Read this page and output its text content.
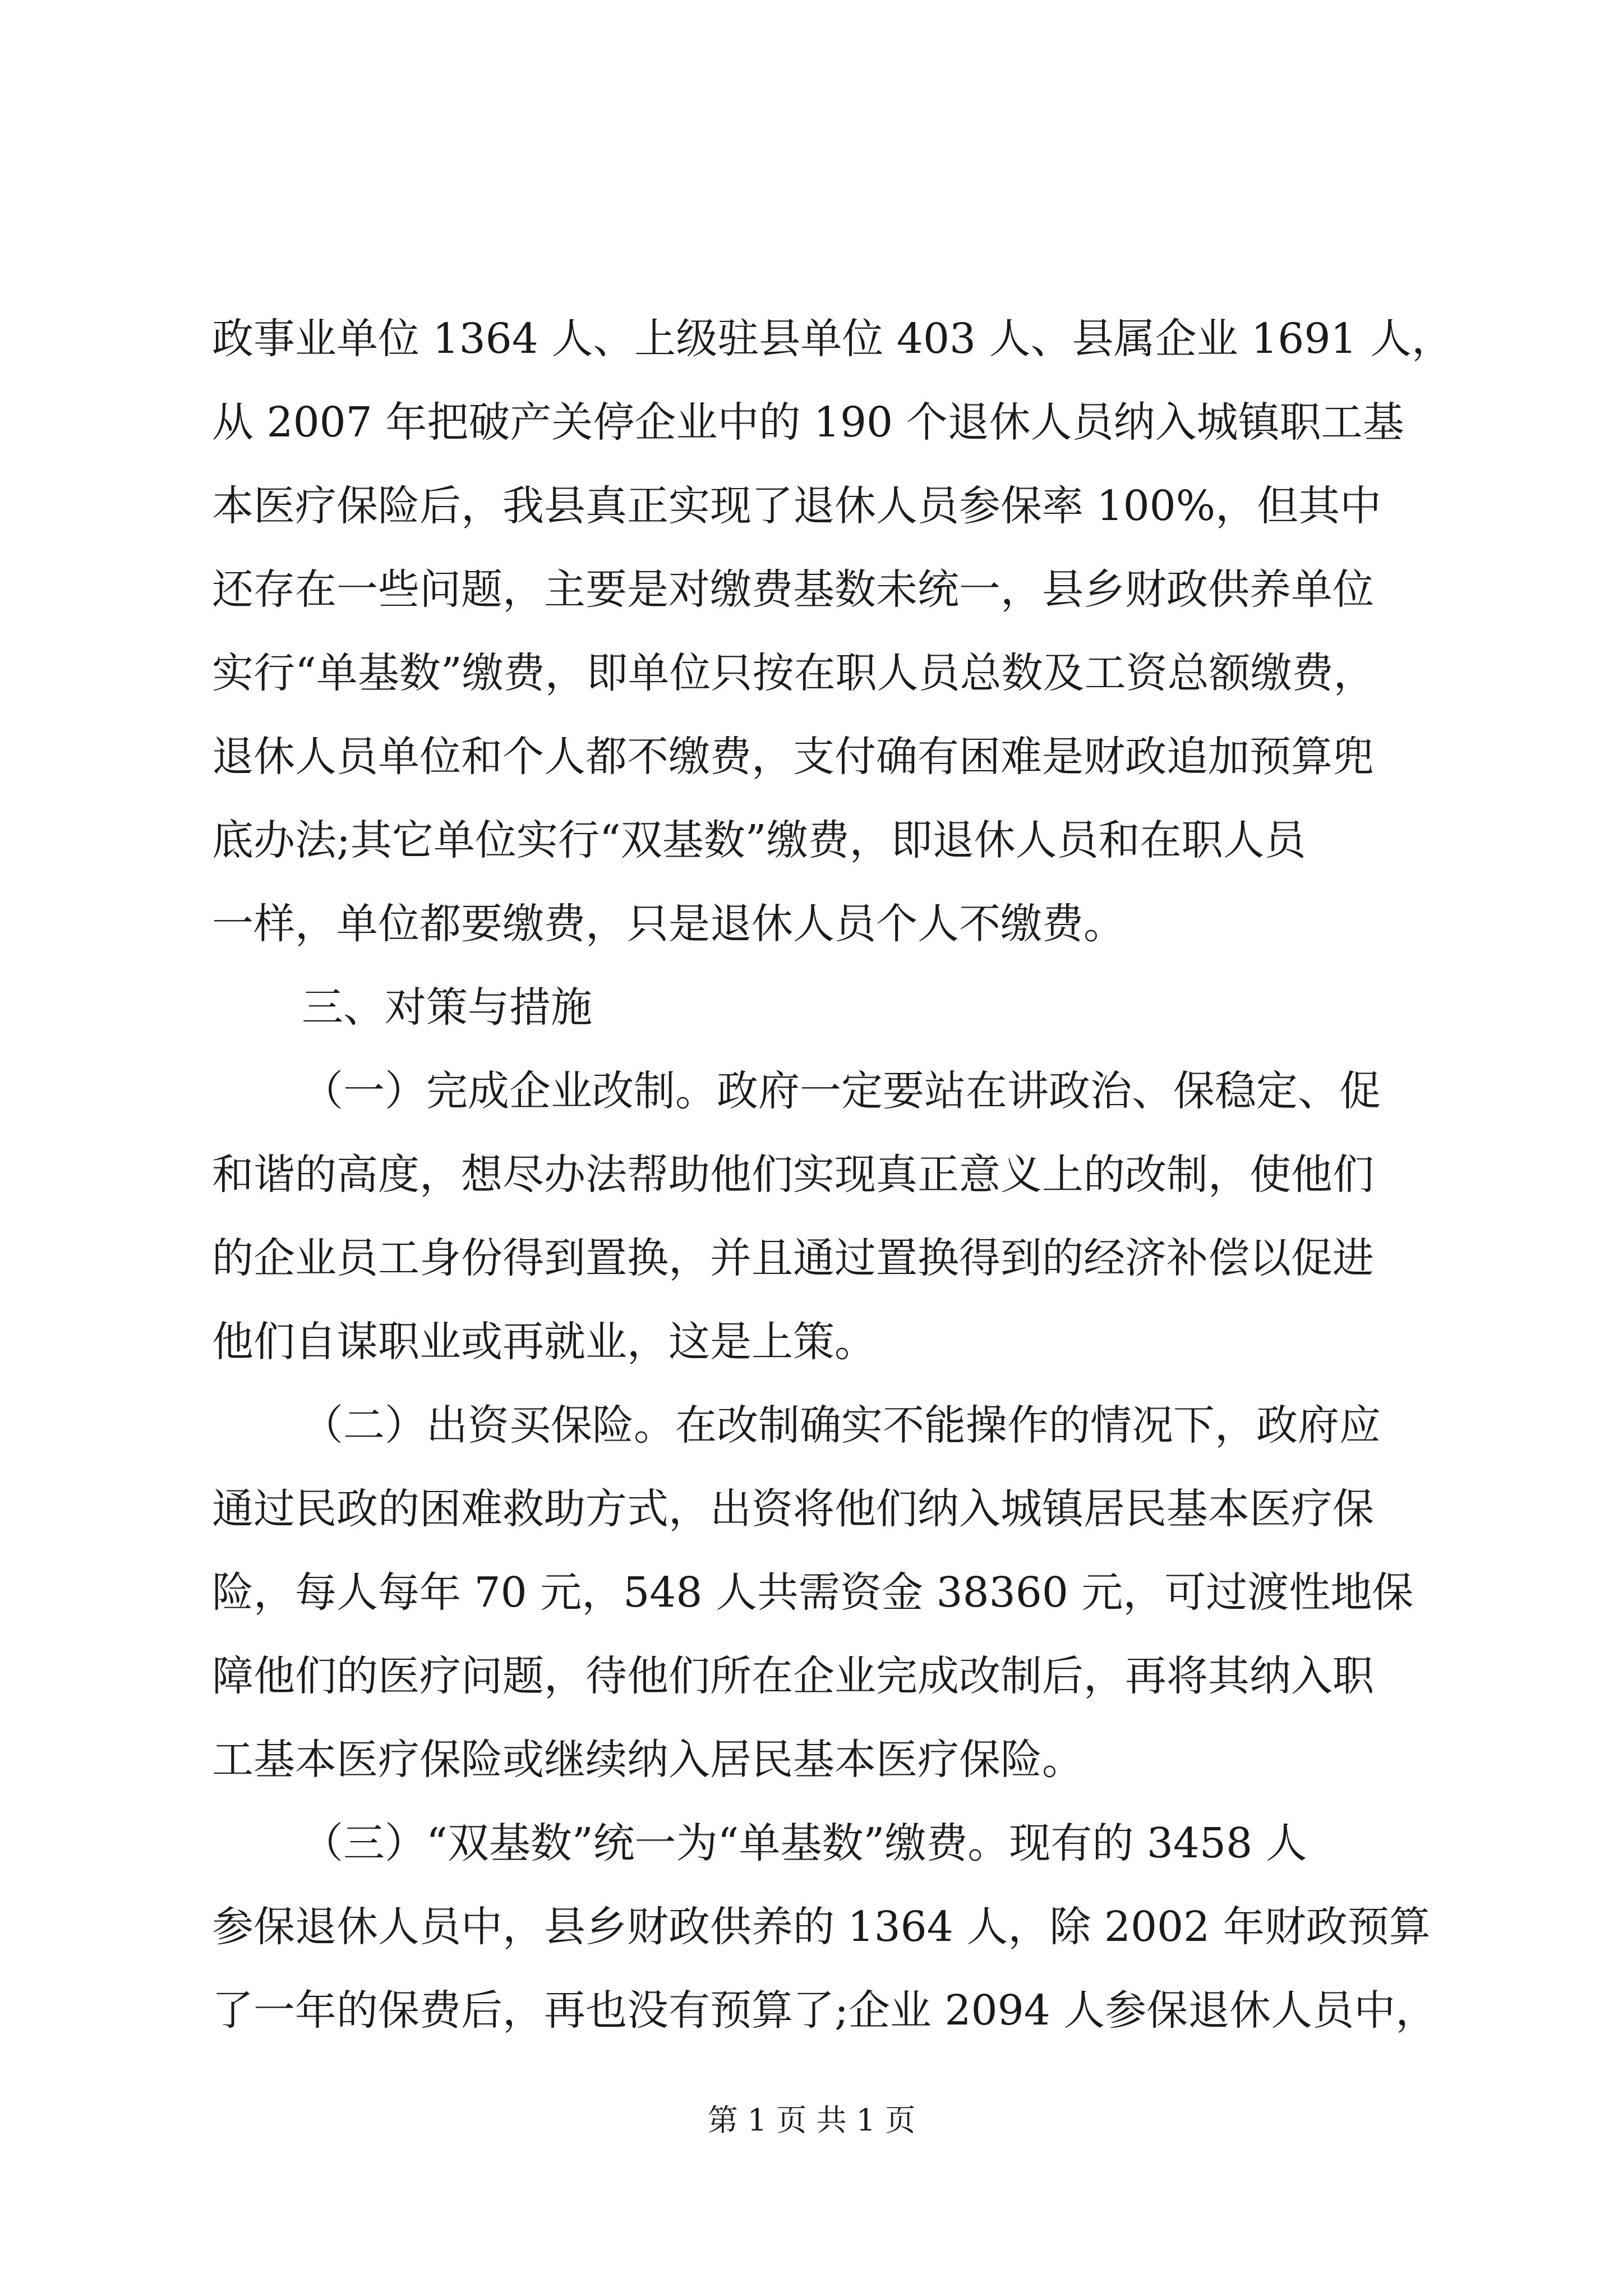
政事业单位 1364 人、上级驻县单位 403 人、县属企业 1691 人，
从 2007 年把破产关停企业中的 190 个退休人员纳入城镇职工基
本医疗保险后，我县真正实现了退休人员参保率 100%，但其中
还存在一些问题，主要是对缴费基数未统一，县乡财政供养单位
实行“单基数”缴费，即单位只按在职人员总数及工资总额缴费，
退休人员单位和个人都不缴费，支付确有困难是财政追加预算兜
底办法;其它单位实行“双基数”缴费，即退休人员和在职人员
一样，单位都要缴费，只是退休人员个人不缴费。
三、对策与措施
（一）完成企业改制。政府一定要站在讲政治、保稳定、促
和谐的高度，想尽办法帮助他们实现真正意义上的改制，使他们
的企业员工身份得到置换，并且通过置换得到的经济补偿以促进
他们自谋职业或再就业，这是上策。
（二）出资买保险。在改制确实不能操作的情况下，政府应
通过民政的困难救助方式，出资将他们纳入城镇居民基本医疗保
险，每人每年 70 元，548 人共需资金 38360 元，可过渡性地保
障他们的医疗问题，待他们所在企业完成改制后，再将其纳入职
工基本医疗保险或继续纳入居民基本医疗保险。
（三）“双基数”统一为“单基数”缴费。现有的 3458 人
参保退休人员中，县乡财政供养的 1364 人，除 2002 年财政预算
了一年的保费后，再也没有预算了;企业 2094 人参保退休人员中，
第 1 页 共 1 页
